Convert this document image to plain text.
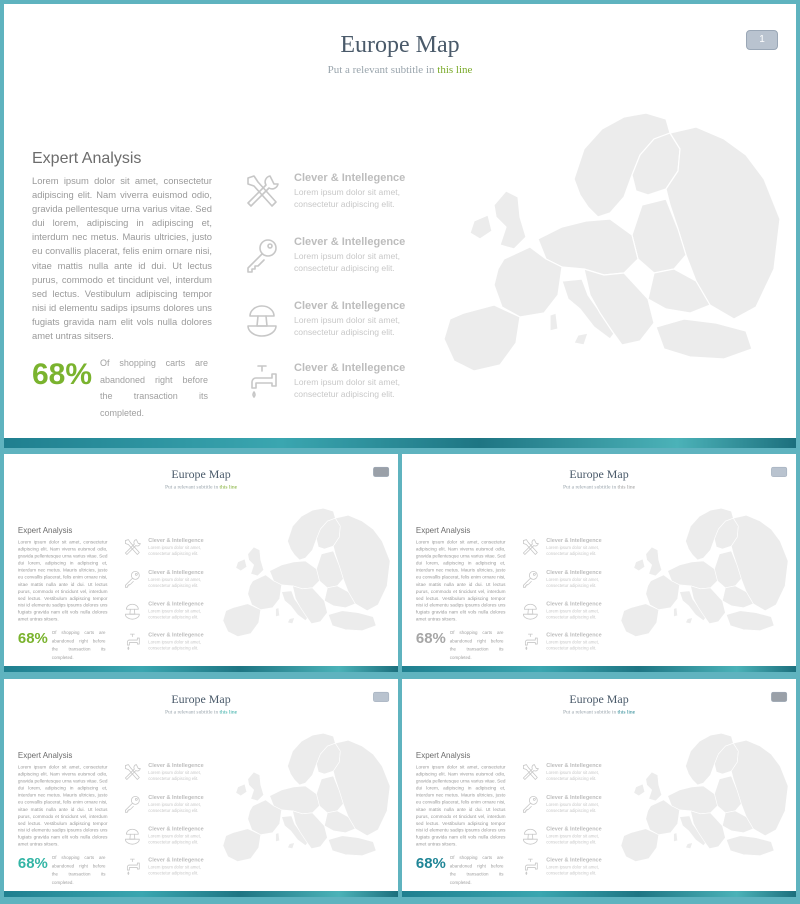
Europe Map
Put a relevant subtitle in this line
1
Expert Analysis
Lorem ipsum dolor sit amet, consectetur adipiscing elit. Nam viverra euismod odio, gravida pellentesque urna varius vitae. Sed dui lorem, adipiscing in adipiscing et, interdum nec metus. Mauris ultricies, justo eu convallis placerat, felis enim ornare nisi, vitae mattis nulla ante id dui. Ut lectus purus, commodo et tincidunt vel, interdum sed lectus. Vestibulum adipiscing tempor nisi id elementu sadips ipsums dolores uns fugiats gravida nam elit vols nulla dolores amet untras sitsers.
68% Of shopping carts are abandoned right before the transaction its completed.
Clever & Intellegence
Lorem ipsum dolor sit amet, consectetur adipiscing elit.
Clever & Intellegence
Lorem ipsum dolor sit amet, consectetur adipiscing elit.
Clever & Intellegence
Lorem ipsum dolor sit amet, consectetur adipiscing elit.
Clever & Intellegence
Lorem ipsum dolor sit amet, consectetur adipiscing elit.
Europe Map
Put a relevant subtitle in this line
2
Expert Analysis
Lorem ipsum dolor sit amet, consectetur adipiscing elit. Nam viverra euismod odio, gravida pellentesque urna varius vitae. Sed dui lorem, adipiscing in adipiscing et, interdum nec metus. Mauris ultricies, justo eu convallis placerat, felis enim ornare nisi, vitae mattis nulla ante id dui. Ut lectus purus, commodo et tincidunt vel, interdum sed lectus. Vestibulum adipiscing tempor nisi id elementu sadips ipsums dolores uns fugiats gravida nam elit vols nulla dolores amet untras sitsers.
68% Of shopping carts are abandoned right before the transaction its completed.
Clever & Intellegence
Lorem ipsum dolor sit amet, consectetur adipiscing elit.
Clever & Intellegence
Lorem ipsum dolor sit amet, consectetur adipiscing elit.
Clever & Intellegence
Lorem ipsum dolor sit amet, consectetur adipiscing elit.
Clever & Intellegence
Lorem ipsum dolor sit amet, consectetur adipiscing elit.
Europe Map
Put a relevant subtitle in this line
3
Expert Analysis
Lorem ipsum dolor sit amet, consectetur adipiscing elit. Nam viverra euismod odio, gravida pellentesque urna varius vitae. Sed dui lorem, adipiscing in adipiscing et, interdum nec metus. Mauris ultricies, justo eu convallis placerat, felis enim ornare nisi, vitae mattis nulla ante id dui. Ut lectus purus, commodo et tincidunt vel, interdum sed lectus. Vestibulum adipiscing tempor nisi id elementu sadips ipsums dolores uns fugiats gravida nam elit vols nulla dolores amet untras sitsers.
68% Of shopping carts are abandoned right before the transaction its completed.
Clever & Intellegence
Lorem ipsum dolor sit amet, consectetur adipiscing elit.
Clever & Intellegence
Lorem ipsum dolor sit amet, consectetur adipiscing elit.
Clever & Intellegence
Lorem ipsum dolor sit amet, consectetur adipiscing elit.
Clever & Intellegence
Lorem ipsum dolor sit amet, consectetur adipiscing elit.
Europe Map
Put a relevant subtitle in this line
4
Expert Analysis
Lorem ipsum dolor sit amet, consectetur adipiscing elit. Nam viverra euismod odio, gravida pellentesque urna varius vitae. Sed dui lorem, adipiscing in adipiscing et, interdum nec metus. Mauris ultricies, justo eu convallis placerat, felis enim ornare nisi, vitae mattis nulla ante id dui. Ut lectus purus, commodo et tincidunt vel, interdum sed lectus. Vestibulum adipiscing tempor nisi id elementu sadips ipsums dolores uns fugiats gravida nam elit vols nulla dolores amet untras sitsers.
68% Of shopping carts are abandoned right before the transaction its completed.
Clever & Intellegence
Lorem ipsum dolor sit amet, consectetur adipiscing elit.
Clever & Intellegence
Lorem ipsum dolor sit amet, consectetur adipiscing elit.
Clever & Intellegence
Lorem ipsum dolor sit amet, consectetur adipiscing elit.
Clever & Intellegence
Lorem ipsum dolor sit amet, consectetur adipiscing elit.
Europe Map
Put a relevant subtitle in this line
5
Expert Analysis
Lorem ipsum dolor sit amet, consectetur adipiscing elit. Nam viverra euismod odio, gravida pellentesque urna varius vitae. Sed dui lorem, adipiscing in adipiscing et, interdum nec metus. Mauris ultricies, justo eu convallis placerat, felis enim ornare nisi, vitae mattis nulla ante id dui. Ut lectus purus, commodo et tincidunt vel, interdum sed lectus. Vestibulum adipiscing tempor nisi id elementu sadips ipsums dolores uns fugiats gravida nam elit vols nulla dolores amet untras sitsers.
68% Of shopping carts are abandoned right before the transaction its completed.
Clever & Intellegence
Lorem ipsum dolor sit amet, consectetur adipiscing elit.
Clever & Intellegence
Lorem ipsum dolor sit amet, consectetur adipiscing elit.
Clever & Intellegence
Lorem ipsum dolor sit amet, consectetur adipiscing elit.
Clever & Intellegence
Lorem ipsum dolor sit amet, consectetur adipiscing elit.
